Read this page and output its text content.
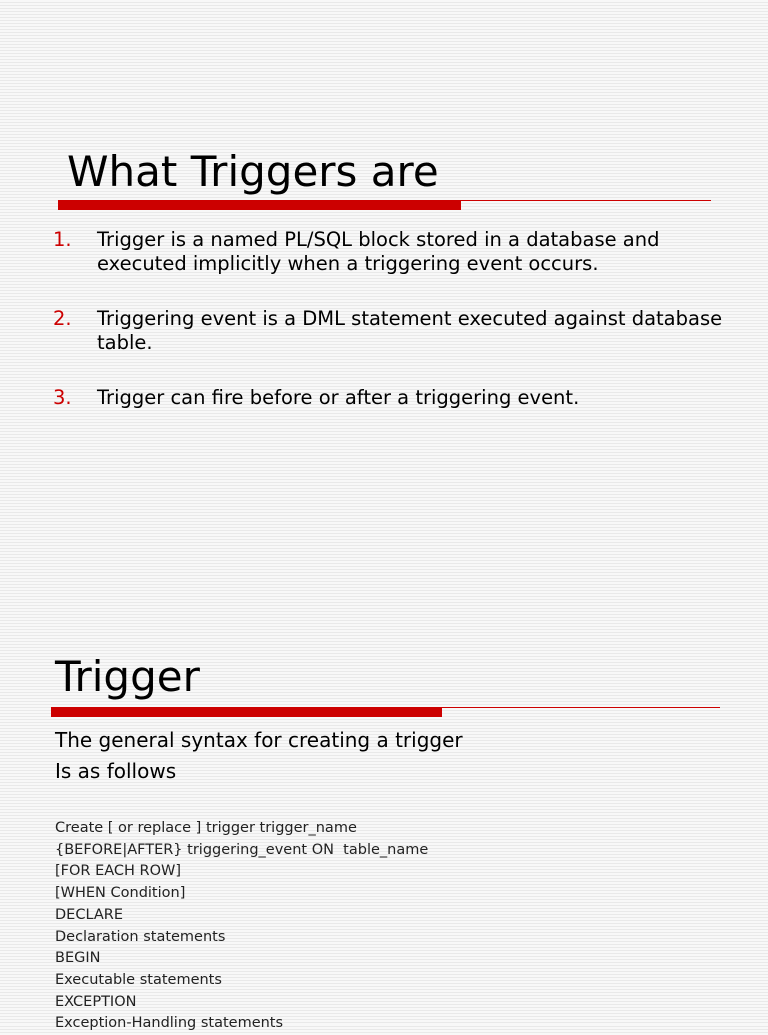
What Triggers are
1. Trigger is a named PL/SQL block stored in a database and executed implicitly when a triggering event occurs.
2. Triggering event is a DML statement executed against database table.
3. Trigger can fire before or after a triggering event.
Trigger
The general syntax for creating a trigger
Is as follows
Create [ or replace ] trigger trigger_name
{BEFORE|AFTER} triggering_event ON  table_name
[FOR EACH ROW]
[WHEN Condition]
DECLARE
Declaration statements
BEGIN
Executable statements
EXCEPTION
Exception-Handling statements
